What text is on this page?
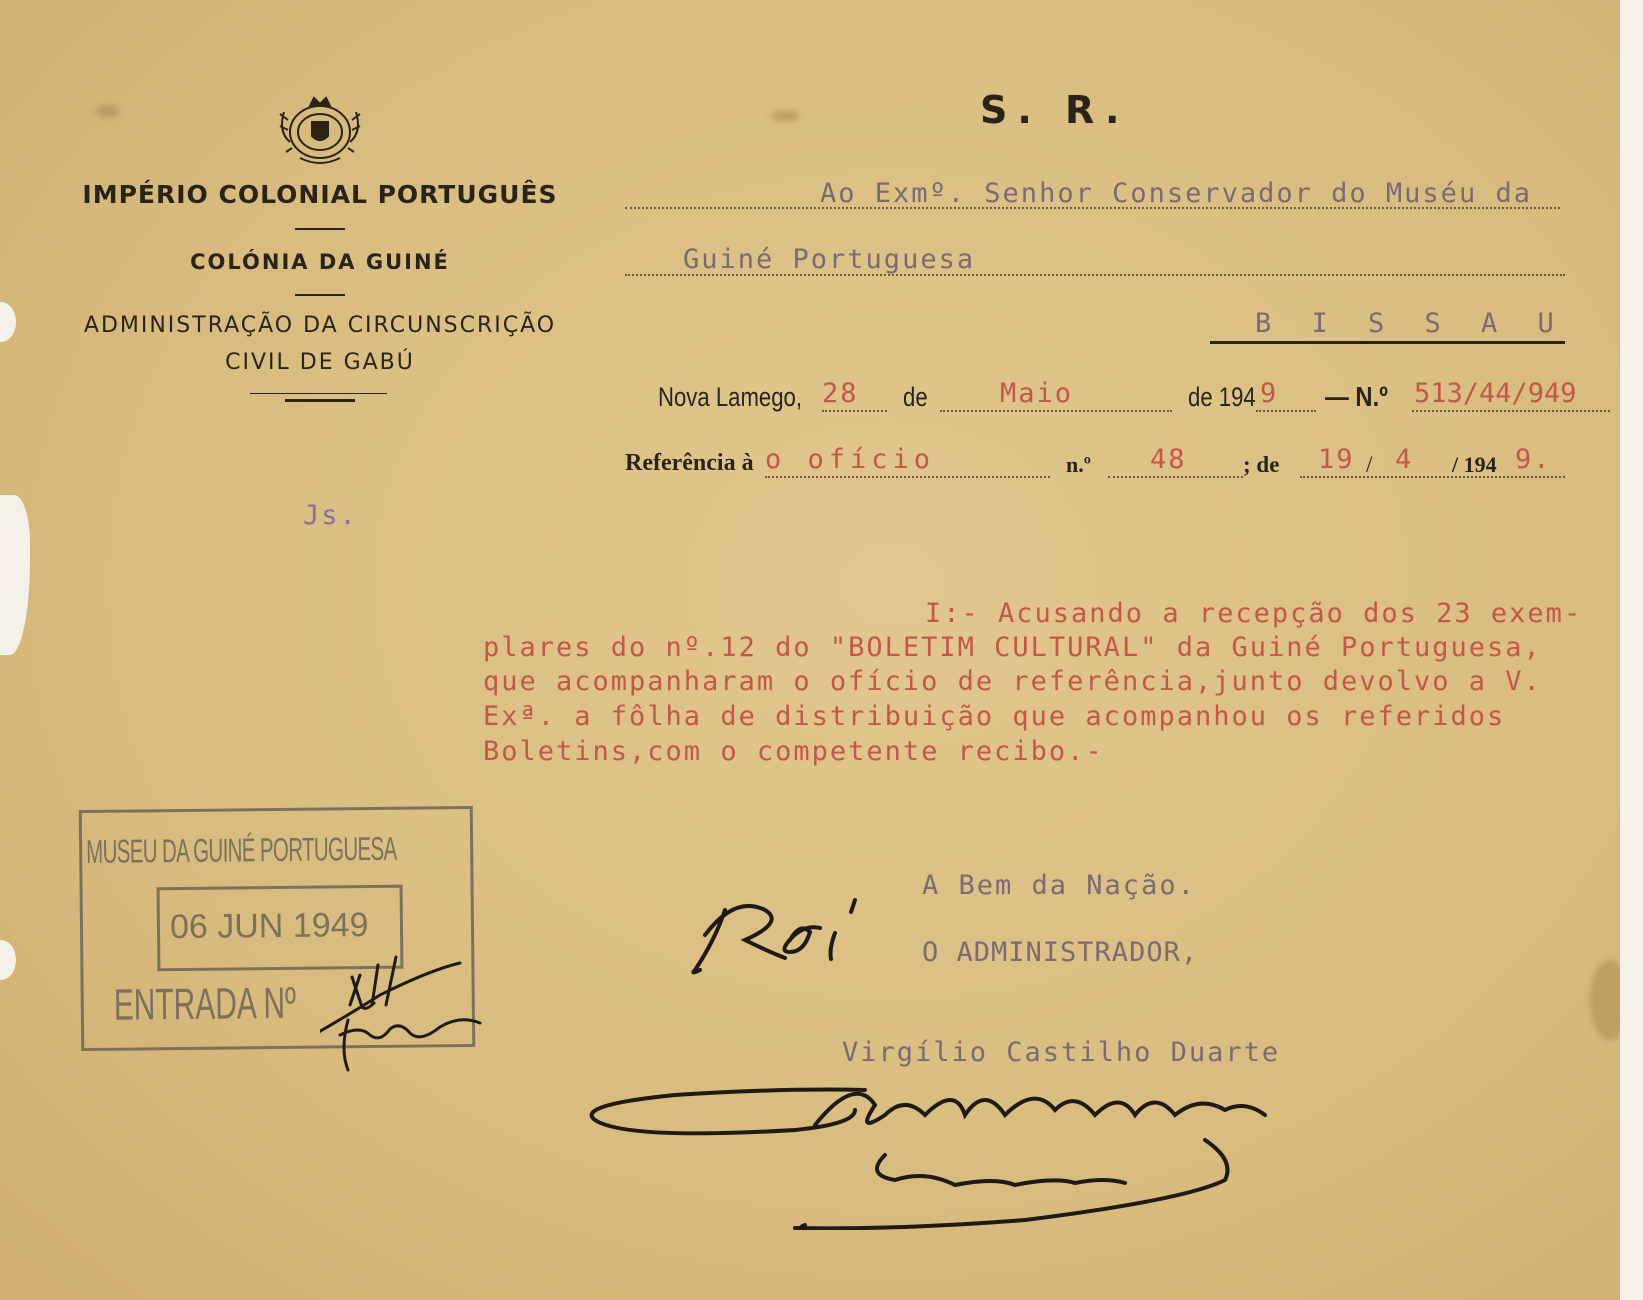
IMPÉRIO COLONIAL PORTUGUÊS
COLÓNIA DA GUINÉ
ADMINISTRAÇÃO DA CIRCUNSCRIÇÃO
CIVIL DE GABÚ
S. R.
Ao Exmº. Senhor Conservador do Muséu da
Guiné Portuguesa
B I S S A U
Nova Lamego, 28 de	Maio	de 194 9 — N.º 513/44/949
Referência à o ofício	n.º 48 ; de 19 / 4 / 194 9.
Js.
I:- Acusando a recepção dos 23 exem-
plares do nº.12 do "BOLETIM CULTURAL" da Guiné Portuguesa,
que acompanharam o ofício de referência,junto devolvo a V.
Exª. a fôlha de distribuição que acompanhou os referidos
Boletins,com o competente recibo.-
A Bem da Nação.
O ADMINISTRADOR,
Virgílio Castilho Duarte
MUSEU DA GUINÉ PORTUGUESA
06 JUN 1949
ENTRADA Nº
